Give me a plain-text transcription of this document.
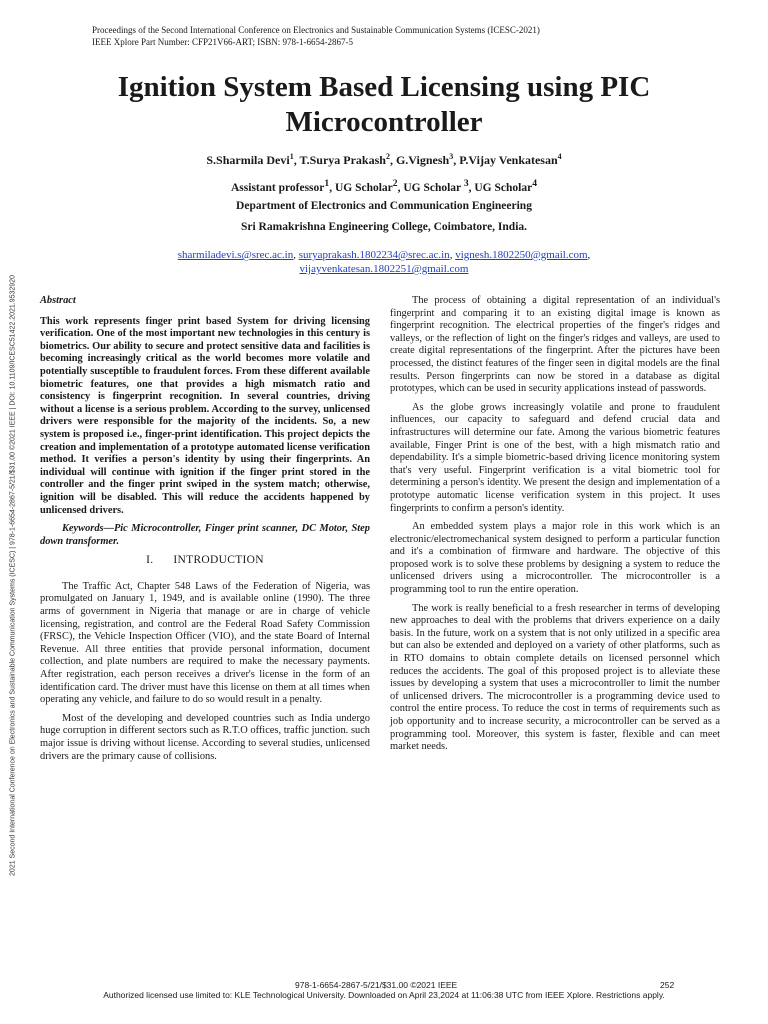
2021 Second International Conference on Electronics and Sustainable Communication Systems (ICESC) | 978-1-6654-2867-5/21/$31.00 ©2021 IEEE | DOI: 10.1109/ICESC51422.2021.9532920
Proceedings of the Second International Conference on Electronics and Sustainable Communication Systems (ICESC-2021)
IEEE Xplore Part Number: CFP21V66-ART; ISBN: 978-1-6654-2867-5
Ignition System Based Licensing using PIC
Microcontroller
S.Sharmila Devi$^1$, T.Surya Prakash$^2$, G.Vignesh$^3$, P.Vijay Venkatesan$^4$
Assistant professor$^1$, UG Scholar$^2$, UG Scholar $^3$, UG Scholar$^4$
Department of Electronics and Communication Engineering
Sri Ramakrishna Engineering College, Coimbatore, India.
sharmiladevi.s@srec.ac.in, suryaprakash.1802234@srec.ac.in, vignesh.1802250@gmail.com,
vijayvenkatesan.1802251@gmail.com
Abstract

This work represents finger print based System for driving licensing verification. One of the most important new technologies in this century is biometrics. Our ability to secure and protect sensitive data and facilities is becoming increasingly critical as the world becomes more volatile and potentially susceptible to fraudulent forces. From these different available biometric features, one that provides a high mismatch ratio and consistency is fingerprint recognition. In several countries, driving without a license is a serious problem. According to the survey, unlicensed drivers were responsible for the majority of the incidents. So, a new system is proposed i.e., finger-print identification. This project depicts the creation and implementation of a prototype automated license verification method. It verifies a person's identity by using their fingerprints. An individual will continue with ignition if the finger print stored in the controller and the finger print swiped in the system match; otherwise, ignition will be disabled. This will reduce the accidents happened by unlicensed drivers.

Keywords—Pic Microcontroller, Finger print scanner, DC Motor, Step down transformer.

I. INTRODUCTION

The Traffic Act, Chapter 548 Laws of the Federation of Nigeria, was promulgated on January 1, 1949, and is available online (1990). The three arms of government in Nigeria that manage or are in charge of vehicle licensing, registration, and control are the Federal Road Safety Commission (FRSC), the Vehicle Inspection Officer (VIO), and the state Board of Internal Revenue. All three entities that provide personal information, document collection, and plate numbers are required to make the necessary payments. After registration, each person receives a driver's license in the form of an identification card. The driver must have this license on them at all times when operating any vehicle, and failure to do so would result in a penalty.

Most of the developing and developed countries such as India undergo huge corruption in different sectors such as R.T.O offices, traffic junction. such major issue is driving without license. According to several studies, unlicensed drivers are the primary cause of collisions.

The process of obtaining a digital representation of an individual's fingerprint and comparing it to an existing digital image is known as fingerprint recognition. The electrical properties of the finger's ridges and valleys, or the reflection of light on the finger's ridges and valleys, are used to create digital representations of the fingerprint. After the pictures have been processed, the distinct features of the finger seen in digital models are the final results. Person fingerprints can now be stored in a database as digital prototypes, which can be used in security applications instead of passwords.

As the globe grows increasingly volatile and prone to fraudulent influences, our capacity to safeguard and defend crucial data and infrastructures will determine our fate. Among the various biometric features available, Finger Print is one of the best, with a high mismatch ratio and dependability. It's a simple biometric-based driving licence monitoring system that's very useful. Fingerprint verification is a vital biometric tool for determining a person's identity. We present the design and implementation of a prototype automatic license verification system in this project. It uses fingerprints to confirm a person's identity.

An embedded system plays a major role in this work which is an electronic/electromechanical system designed to perform a particular function and it's a combination of firmware and hardware. The objective of this proposed work is to solve these problems by designing a system to reduce the unlicensed drivers using a microcontroller. The microcontroller is a programming tool to run the entire operation.

The work is really beneficial to a fresh researcher in terms of developing new approaches to deal with the problems that drivers experience on a daily basis. In the future, work on a system that is not only utilized in a specific area but can also be extended and deployed on a variety of other platforms, such as in RTO domains to obtain complete details on licensed personnel which reduces the accidents. The goal of this proposed project is to alleviate these issues by developing a system that uses a microcontroller to limit the number of unlicensed drivers. The microcontroller is a programming device used to control the entire process. To reduce the cost in terms of requirements such as job opportunity and to increase security, a microcontroller can be served as a programming tool. Moreover, this system is faster, flexible and can meet market needs.

978-1-6654-2867-5/21/$31.00 ©2021 IEEE	252
Authorized licensed use limited to: KLE Technological University. Downloaded on April 23,2024 at 11:06:38 UTC from IEEE Xplore. Restrictions apply.
